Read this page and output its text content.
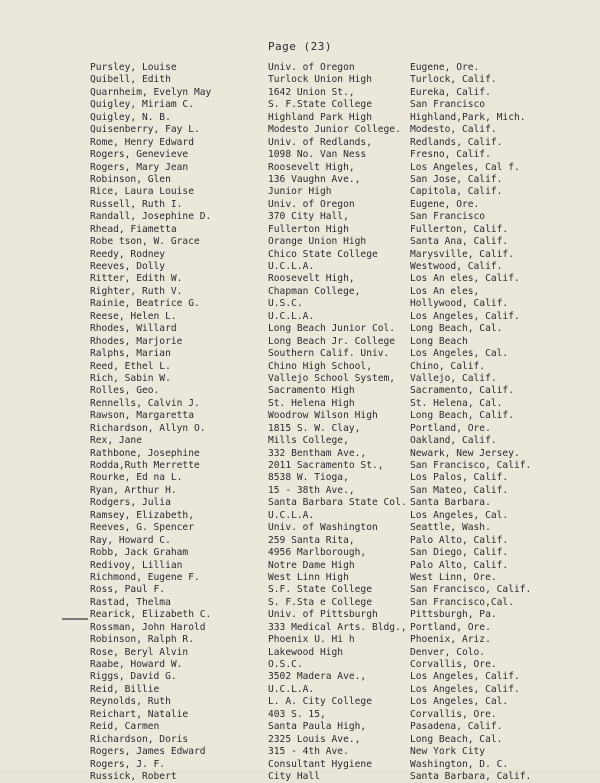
Page (23)
Pursley, Louise	Univ. of Oregon	Eugene, Ore.
Quibell, Edith	Turlock Union High	Turlock, Calif.
Quarnheim, Evelyn May	1642 Union St.,	Eureka, Calif.
Quigley, Miriam C.	S. F.State College	San Francisco
Quigley, N. B.	Highland Park High	Highland,Park, Mich.
Quisenberry, Fay L.	Modesto Junior College. Modesto, Calif.
Rome, Henry Edward	Univ. of Redlands,	Redlands, Calif.
Rogers, Genevieve	1098 No. Van Ness	Fresno, Calif.
Rogers, Mary Jean	Roosevelt High,	Los Angeles, Cal f.
Robinson, Glen	136 Vaughn Ave.,	San Jose, Calif.
Rice, Laura Louise	Junior High	Capitola, Calif.
Russell, Ruth I.	Univ. of Oregon	Eugene, Ore.
Randall, Josephine D.	370 City Hall,	San Francisco
Rhead, Fiametta	Fullerton High	Fullerton, Calif.
Robe tson, W. Grace	Orange Union High	Santa Ana, Calif.
Reedy, Rodney	Chico State College	Marysville, Calif.
Reeves, Dolly	U.C.L.A.	Westwood, Calif.
Ritter, Edith W.	Roosevelt High,	Los An eles, Calif.
Righter, Ruth V.	Chapman College,	Los An eles,
Rainie, Beatrice G.	U.S.C.	Hollywood, Calif.
Reese, Helen L.	U.C.L.A.	Los Angeles, Calif.
Rhodes, Willard	Long Beach Junior Col.	Long Beach, Cal.
Rhodes, Marjorie	Long Beach Jr. College	Long Beach
Ralphs, Marian	Southern Calif. Univ.	Los Angeles, Cal.
Reed, Ethel L.	Chino High School,	Chino, Calif.
Rich, Sabin W.	Vallejo School System,	Vallejo, Calif.
Rolles, Geo.	Sacramento High	Sacramento, Calif.
Rennells, Calvin J.	St. Helena High	St. Helena, Cal.
Rawson, Margaretta	Woodrow Wilson High	Long Beach, Calif.
Richardson, Allyn O.	1815 S. W. Clay,	Portland, Ore.
Rex, Jane	Mills College,	Oakland, Calif.
Rathbone, Josephine	332 Bentham Ave.,	Newark, New Jersey.
Rodda,Ruth Merrette	2011 Sacramento St.,	San Francisco, Calif.
Rourke, Ed na L.	8538 W. Tioga,	Los Palos, Calif.
Ryan, Arthur H.	15 - 38th Ave.,	San Mateo, Calif.
Rodgers, Julia	Santa Barbara State Col. Santa Barbara.
Ramsey, Elizabeth,	U.C.L.A.	Los Angeles, Cal.
Reeves, G. Spencer	Univ. of Washington	Seattle, Wash.
Ray, Howard C.	259 Santa Rita,	Palo Alto, Calif.
Robb, Jack Graham	4956 Marlborough,	San Diego, Calif.
Redivoy, Lillian	Notre Dame High	Palo Alto, Calif.
Richmond, Eugene F.	West Linn High	West Linn, Ore.
Ross, Paul F.	S.F. State College	San Francisco, Calif.
Rastad, Thelma	S. F.Sta e College	San Francisco,Cal.
Rearick, Elizabeth C.	Univ. of Pittsburgh	Pittsburgh, Pa.
Rossman, John Harold	333 Medical Arts. Bldg., Portland, Ore.
Robinson, Ralph R.	Phoenix U. Hi h	Phoenix, Ariz.
Rose, Beryl Alvin	Lakewood High	Denver, Colo.
Raabe, Howard W.	O.S.C.	Corvallis, Ore.
Riggs, David G.	3502 Madera Ave.,	Los Angeles, Calif.
Reid, Billie	U.C.L.A.	Los Angeles, Calif.
Reynolds, Ruth	L. A. City College	Los Angeles, Cal.
Reichart, Natalie	403 S. 15,	Corvallis, Ore.
Reid, Carmen	Santa Paula High,	Pasadena, Calif.
Richardson, Doris	2325 Louis Ave.,	Long Beach, Cal.
Rogers, James Edward	315 - 4th Ave.	New York City
Rogers, J. F.	Consultant Hygiene	Washington, D. C.
Russick, Robert	City Hall	Santa Barbara, Calif.
